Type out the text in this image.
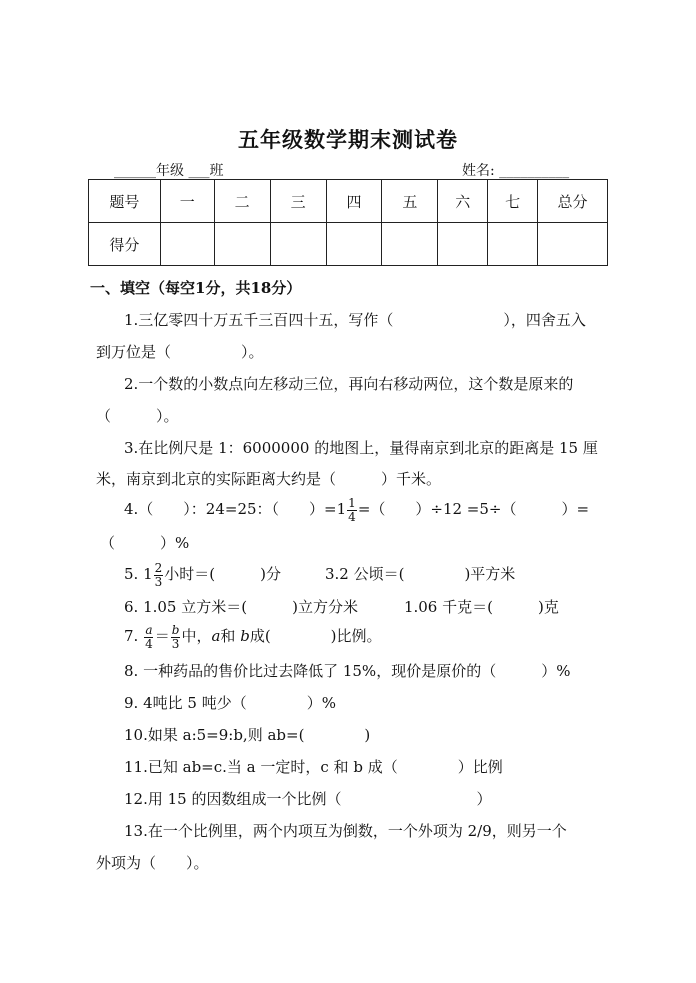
五年级数学期末测试卷
______年级 ___班	姓名: __________
题号	一	二	三	四	五	六	七	总分
得分								
一、填空（每空1分，共18分）
1.三亿零四十万五千三百四十五，写作（	），四舍五入
到万位是（	）。
2.一个数的小数点向左移动三位，再向右移动两位，这个数是原来的
（　　　）。
3.在比例尺是 1：6000000 的地图上，量得南京到北京的距离是 15 厘
米，南京到北京的实际距离大约是（　　　）千米。
4.（　　）：24=25：（　　）$=1 \frac{1}{4}$ =（　　）÷12 =5÷（　　　）=
（　　　）%
5. $1 \frac{2}{3}$ 小时＝(　　　)分	3.2 公顷＝(　　　　)平方米
6. 1.05 立方米＝(　　　)立方分米	1.06 千克＝(　　　)克
7. $\frac{a}{4} = \frac{b}{3}$ 中，a和 b成(　　　　)比例。
8. 一种药品的售价比过去降低了 15%，现价是原价的（　　　）%
9. 4吨比 5 吨少（　　　　）%
10.如果 a:5=9:b,则 ab=(　　　　)
11.已知 ab=c.当 a 一定时，c 和 b 成（　　　　）比例
12.用 15 的因数组成一个比例（　　　　　　　　　）
13.在一个比例里，两个内项互为倒数，一个外项为 2/9，则另一个
外项为（　　）。
